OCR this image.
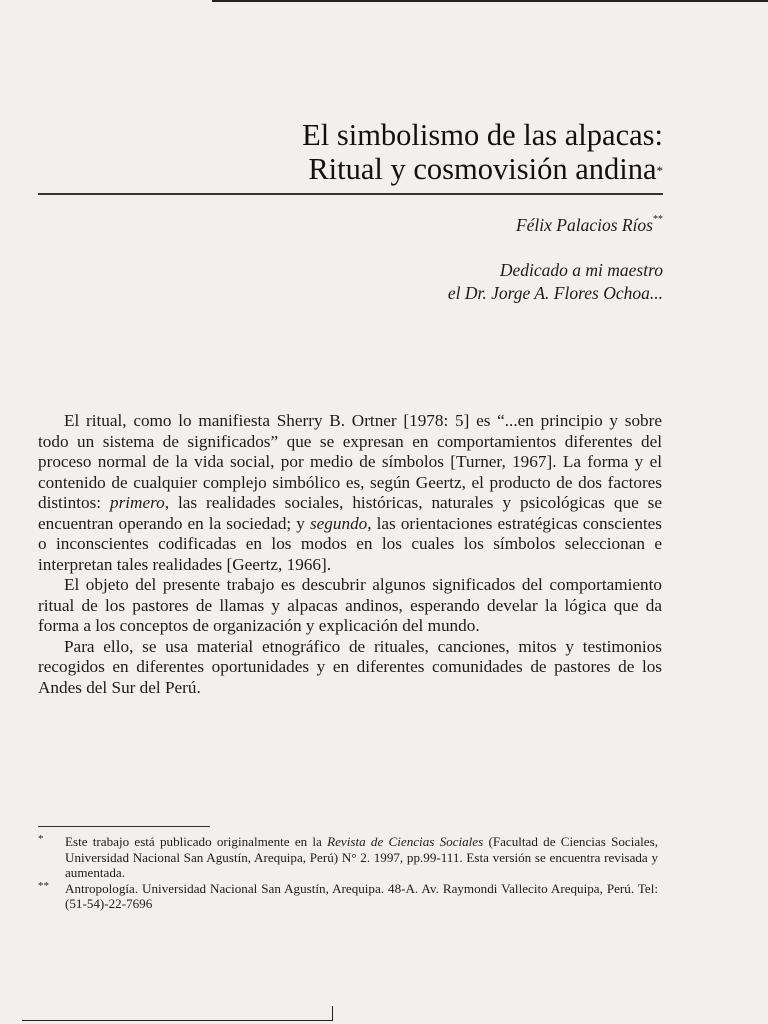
El simbolismo de las alpacas:
Ritual y cosmovisión andina*
Félix Palacios Ríos**
Dedicado a mi maestro
el Dr. Jorge A. Flores Ochoa...

El ritual, como lo manifiesta Sherry B. Ortner [1978: 5] es “...en principio y sobre todo un sistema de significados” que se expresan en comportamientos diferentes del proceso normal de la vida social, por medio de símbolos [Turner, 1967]. La forma y el contenido de cualquier complejo simbólico es, según Geertz, el producto de dos factores distintos: primero, las realidades sociales, históricas, naturales y psicológicas que se encuentran operando en la sociedad; y segundo, las orientaciones estratégicas conscientes o inconscientes codificadas en los modos en los cuales los símbolos seleccionan e interpretan tales realidades [Geertz, 1966].

El objeto del presente trabajo es descubrir algunos significados del comportamiento ritual de los pastores de llamas y alpacas andinos, esperando develar la lógica que da forma a los conceptos de organización y explicación del mundo.

Para ello, se usa material etnográfico de rituales, canciones, mitos y testimonios recogidos en diferentes oportunidades y en diferentes comunidades de pastores de los Andes del Sur del Perú.

* Este trabajo está publicado originalmente en la Revista de Ciencias Sociales (Facultad de Ciencias Sociales, Universidad Nacional San Agustín, Arequipa, Perú) N° 2. 1997, pp.99-111. Esta versión se encuentra revisada y aumentada.
** Antropología. Universidad Nacional San Agustín, Arequipa. 48-A. Av. Raymondi Vallecito Arequipa, Perú. Tel: (51-54)-22-7696
